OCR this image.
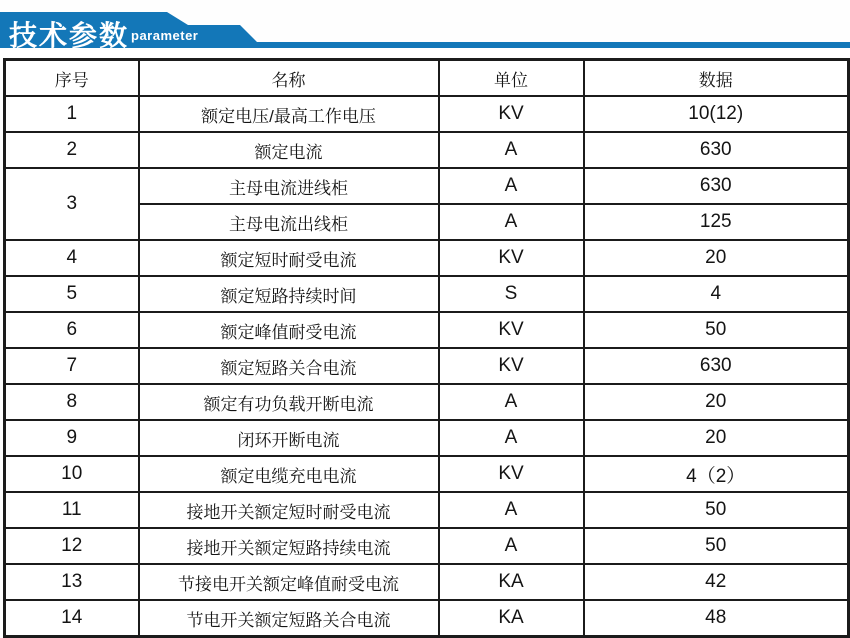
技术参数 parameter
序号	名称	单位	数据
1	额定电压/最高工作电压	KV	10(12)
2	额定电流	A	630
3	主母电流进线柜	A	630
	主母电流出线柜	A	125
4	额定短时耐受电流	KV	20
5	额定短路持续时间	S	4
6	额定峰值耐受电流	KV	50
7	额定短路关合电流	KV	630
8	额定有功负载开断电流	A	20
9	闭环开断电流	A	20
10	额定电缆充电电流	KV	4（2）
11	接地开关额定短时耐受电流	A	50
12	接地开关额定短路持续电流	A	50
13	节接电开关额定峰值耐受电流	KA	42
14	节电开关额定短路关合电流	KA	48
